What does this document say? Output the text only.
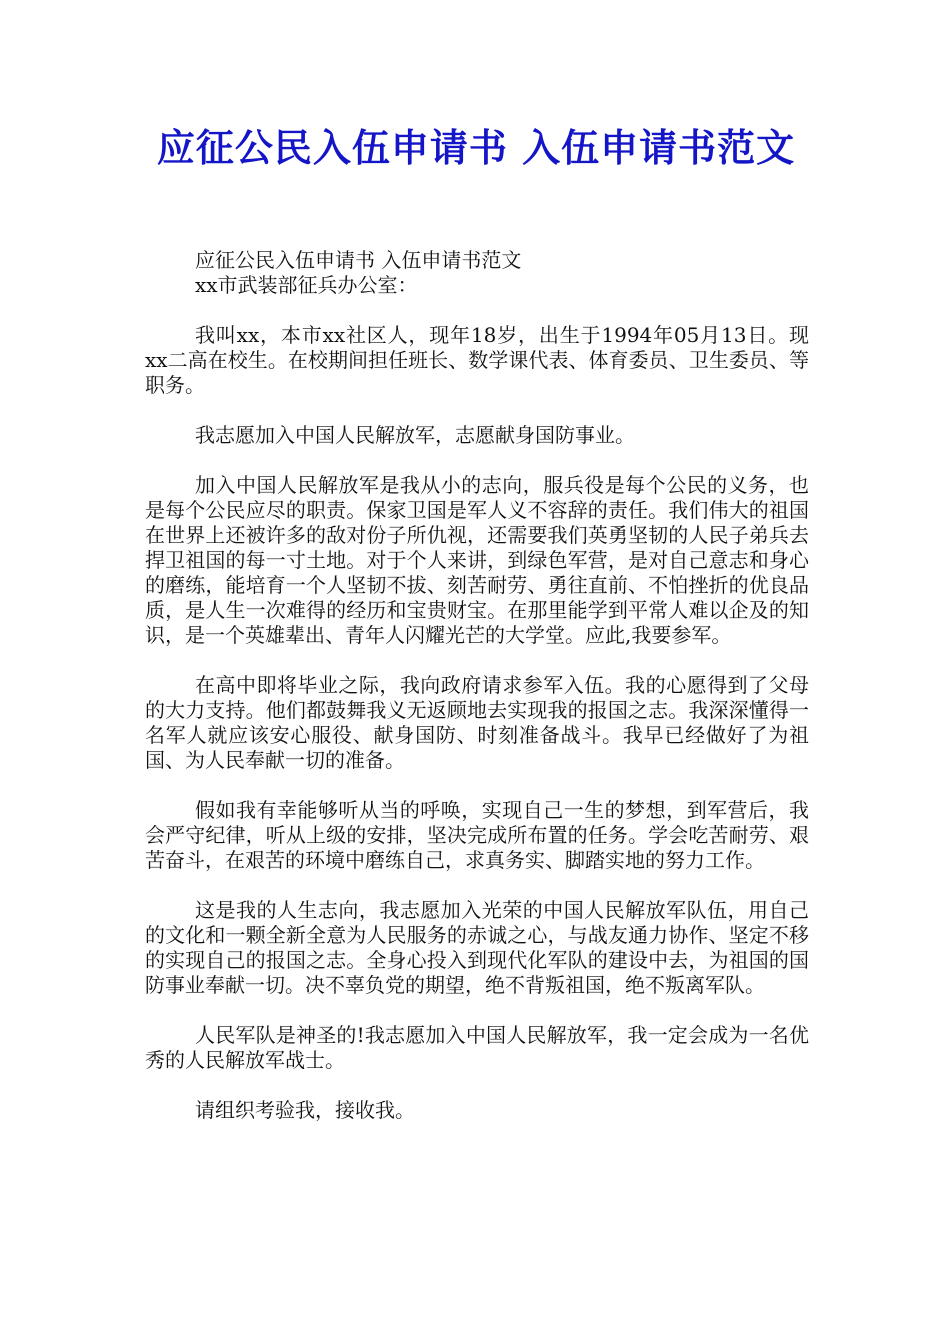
应征公民入伍申请书 入伍申请书范文

应征公民入伍申请书 入伍申请书范文

xx市武装部征兵办公室：

我叫xx，本市xx社区人，现年18岁，出生于1994年05月13日。现xx二高在校生。在校期间担任班长、数学课代表、体育委员、卫生委员、等职务。

我志愿加入中国人民解放军，志愿献身国防事业。

加入中国人民解放军是我从小的志向，服兵役是每个公民的义务，也是每个公民应尽的职责。保家卫国是军人义不容辞的责任。我们伟大的祖国在世界上还被许多的敌对份子所仇视，还需要我们英勇坚韧的人民子弟兵去捍卫祖国的每一寸土地。对于个人来讲，到绿色军营，是对自己意志和身心的磨练，能培育一个人坚韧不拔、刻苦耐劳、勇往直前、不怕挫折的优良品质，是人生一次难得的经历和宝贵财宝。在那里能学到平常人难以企及的知识，是一个英雄辈出、青年人闪耀光芒的大学堂。应此,我要参军。

在高中即将毕业之际，我向政府请求参军入伍。我的心愿得到了父母的大力支持。他们都鼓舞我义无返顾地去实现我的报国之志。我深深懂得一名军人就应该安心服役、献身国防、时刻准备战斗。我早已经做好了为祖国、为人民奉献一切的准备。

假如我有幸能够听从当的呼唤，实现自己一生的梦想，到军营后，我会严守纪律，听从上级的安排，坚决完成所布置的任务。学会吃苦耐劳、艰苦奋斗，在艰苦的环境中磨练自己，求真务实、脚踏实地的努力工作。

这是我的人生志向，我志愿加入光荣的中国人民解放军队伍，用自己的文化和一颗全新全意为人民服务的赤诚之心，与战友通力协作、坚定不移的实现自己的报国之志。全身心投入到现代化军队的建设中去，为祖国的国防事业奉献一切。决不辜负党的期望，绝不背叛祖国，绝不叛离军队。

人民军队是神圣的!我志愿加入中国人民解放军，我一定会成为一名优秀的人民解放军战士。

请组织考验我，接收我。
